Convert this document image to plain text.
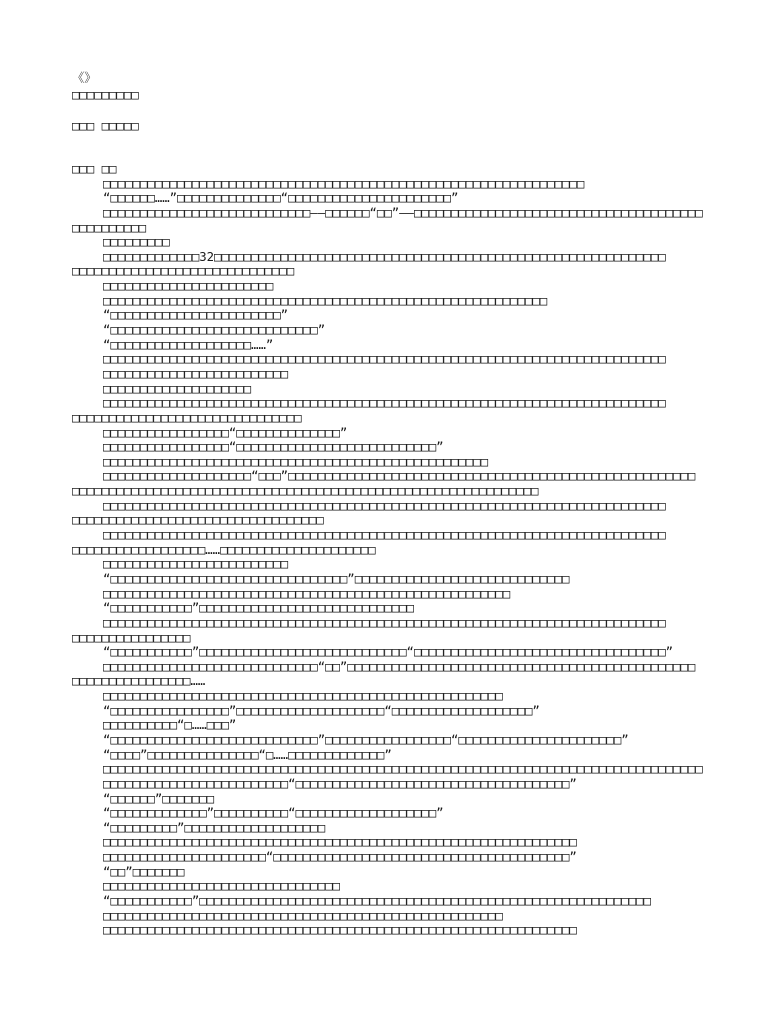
《》
□□□□□□□□□
□□□ □□□□□
□□□ □□
□□□□□□□□□□□□□□□□□□□□□□□□□□□□□□□□□□□□□□□□□□□□□□□□□□□□□□□□□□□□□□□□□
“□□□□□□……”□□□□□□□□□□□□□□“□□□□□□□□□□□□□□□□□□□□□□”
□□□□□□□□□□□□□□□□□□□□□□□□□□□□——□□□□□□“□□”——□□□□□□□□□□□□□□□□□□□□□□□□□□□□□□□□□□□□□□□
□□□□□□□□□□
□□□□□□□□□
□□□□□□□□□□□□□32□□□□□□□□□□□□□□□□□□□□□□□□□□□□□□□□□□□□□□□□□□□□□□□□□□□□□□□□□□□□□
□□□□□□□□□□□□□□□□□□□□□□□□□□□□□□
□□□□□□□□□□□□□□□□□□□□□□□
□□□□□□□□□□□□□□□□□□□□□□□□□□□□□□□□□□□□□□□□□□□□□□□□□□□□□□□□□□□□
“□□□□□□□□□□□□□□□□□□□□□□□”
“□□□□□□□□□□□□□□□□□□□□□□□□□□□□”
“□□□□□□□□□□□□□□□□□□□……”
□□□□□□□□□□□□□□□□□□□□□□□□□□□□□□□□□□□□□□□□□□□□□□□□□□□□□□□□□□□□□□□□□□□□□□□□□□□□
□□□□□□□□□□□□□□□□□□□□□□□□□
□□□□□□□□□□□□□□□□□□□□
□□□□□□□□□□□□□□□□□□□□□□□□□□□□□□□□□□□□□□□□□□□□□□□□□□□□□□□□□□□□□□□□□□□□□□□□□□□□
□□□□□□□□□□□□□□□□□□□□□□□□□□□□□□□
□□□□□□□□□□□□□□□□□“□□□□□□□□□□□□□□”
□□□□□□□□□□□□□□□□□“□□□□□□□□□□□□□□□□□□□□□□□□□□□”
□□□□□□□□□□□□□□□□□□□□□□□□□□□□□□□□□□□□□□□□□□□□□□□□□□□□
□□□□□□□□□□□□□□□□□□□□“□□□”□□□□□□□□□□□□□□□□□□□□□□□□□□□□□□□□□□□□□□□□□□□□□□□□□□□□□□□
□□□□□□□□□□□□□□□□□□□□□□□□□□□□□□□□□□□□□□□□□□□□□□□□□□□□□□□□□□□□□□□
□□□□□□□□□□□□□□□□□□□□□□□□□□□□□□□□□□□□□□□□□□□□□□□□□□□□□□□□□□□□□□□□□□□□□□□□□□□□
□□□□□□□□□□□□□□□□□□□□□□□□□□□□□□□□□□
□□□□□□□□□□□□□□□□□□□□□□□□□□□□□□□□□□□□□□□□□□□□□□□□□□□□□□□□□□□□□□□□□□□□□□□□□□□□
□□□□□□□□□□□□□□□□□□……□□□□□□□□□□□□□□□□□□□□□
□□□□□□□□□□□□□□□□□□□□□□□□□
“□□□□□□□□□□□□□□□□□□□□□□□□□□□□□□□□”□□□□□□□□□□□□□□□□□□□□□□□□□□□□□
□□□□□□□□□□□□□□□□□□□□□□□□□□□□□□□□□□□□□□□□□□□□□□□□□□□□□□□
“□□□□□□□□□□□”□□□□□□□□□□□□□□□□□□□□□□□□□□□□□
□□□□□□□□□□□□□□□□□□□□□□□□□□□□□□□□□□□□□□□□□□□□□□□□□□□□□□□□□□□□□□□□□□□□□□□□□□□□
□□□□□□□□□□□□□□□□
“□□□□□□□□□□□”□□□□□□□□□□□□□□□□□□□□□□□□□□□□“□□□□□□□□□□□□□□□□□□□□□□□□□□□□□□□□□□”
□□□□□□□□□□□□□□□□□□□□□□□□□□□□□“□□”□□□□□□□□□□□□□□□□□□□□□□□□□□□□□□□□□□□□□□□□□□□□□□□
□□□□□□□□□□□□□□□□……
□□□□□□□□□□□□□□□□□□□□□□□□□□□□□□□□□□□□□□□□□□□□□□□□□□□□□□
“□□□□□□□□□□□□□□□□”□□□□□□□□□□□□□□□□□□□□“□□□□□□□□□□□□□□□□□□□”
□□□□□□□□□□“□……□□□”
“□□□□□□□□□□□□□□□□□□□□□□□□□□□□”□□□□□□□□□□□□□□□□□“□□□□□□□□□□□□□□□□□□□□□□”
“□□□□”□□□□□□□□□□□□□□□“□……□□□□□□□□□□□□□”
□□□□□□□□□□□□□□□□□□□□□□□□□□□□□□□□□□□□□□□□□□□□□□□□□□□□□□□□□□□□□□□□□□□□□□□□□□□□□□□□□
□□□□□□□□□□□□□□□□□□□□□□□□□“□□□□□□□□□□□□□□□□□□□□□□□□□□□□□□□□□□□□□”
“□□□□□□”□□□□□□□
“□□□□□□□□□□□□□”□□□□□□□□□□“□□□□□□□□□□□□□□□□□□□”
“□□□□□□□□□”□□□□□□□□□□□□□□□□□□□
□□□□□□□□□□□□□□□□□□□□□□□□□□□□□□□□□□□□□□□□□□□□□□□□□□□□□□□□□□□□□□□□
□□□□□□□□□□□□□□□□□□□□□□“□□□□□□□□□□□□□□□□□□□□□□□□□□□□□□□□□□□□□□□□”
“□□”□□□□□□□
□□□□□□□□□□□□□□□□□□□□□□□□□□□□□□□□
“□□□□□□□□□□□”□□□□□□□□□□□□□□□□□□□□□□□□□□□□□□□□□□□□□□□□□□□□□□□□□□□□□□□□□□□□□
□□□□□□□□□□□□□□□□□□□□□□□□□□□□□□□□□□□□□□□□□□□□□□□□□□□□□□
□□□□□□□□□□□□□□□□□□□□□□□□□□□□□□□□□□□□□□□□□□□□□□□□□□□□□□□□□□□□□□□□
